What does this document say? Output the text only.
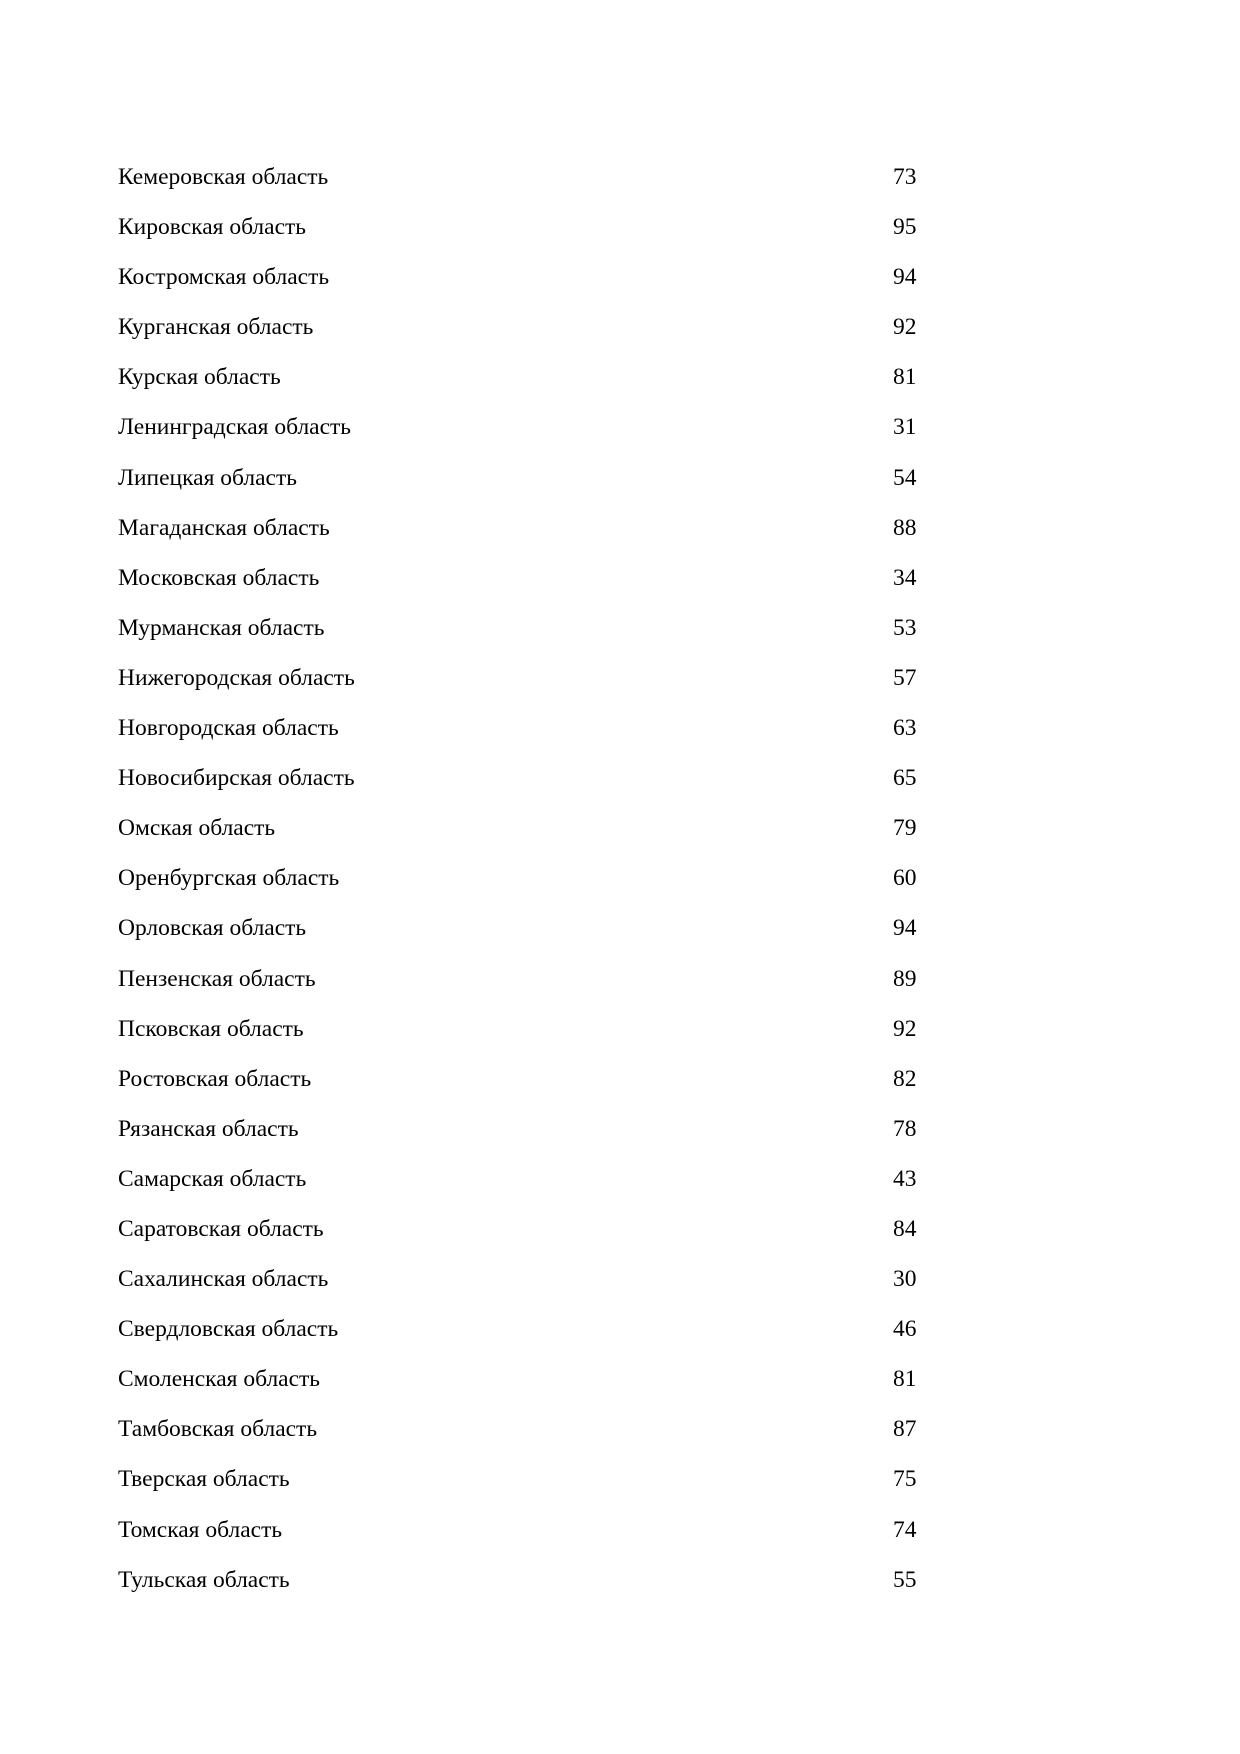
Кемеровская область	73
Кировская область	95
Костромская область	94
Курганская область	92
Курская область	81
Ленинградская область	31
Липецкая область	54
Магаданская область	88
Московская область	34
Мурманская область	53
Нижегородская область	57
Новгородская область	63
Новосибирская область	65
Омская область	79
Оренбургская область	60
Орловская область	94
Пензенская область	89
Псковская область	92
Ростовская область	82
Рязанская область	78
Самарская область	43
Саратовская область	84
Сахалинская область	30
Свердловская область	46
Смоленская область	81
Тамбовская область	87
Тверская область	75
Томская область	74
Тульская область	55
